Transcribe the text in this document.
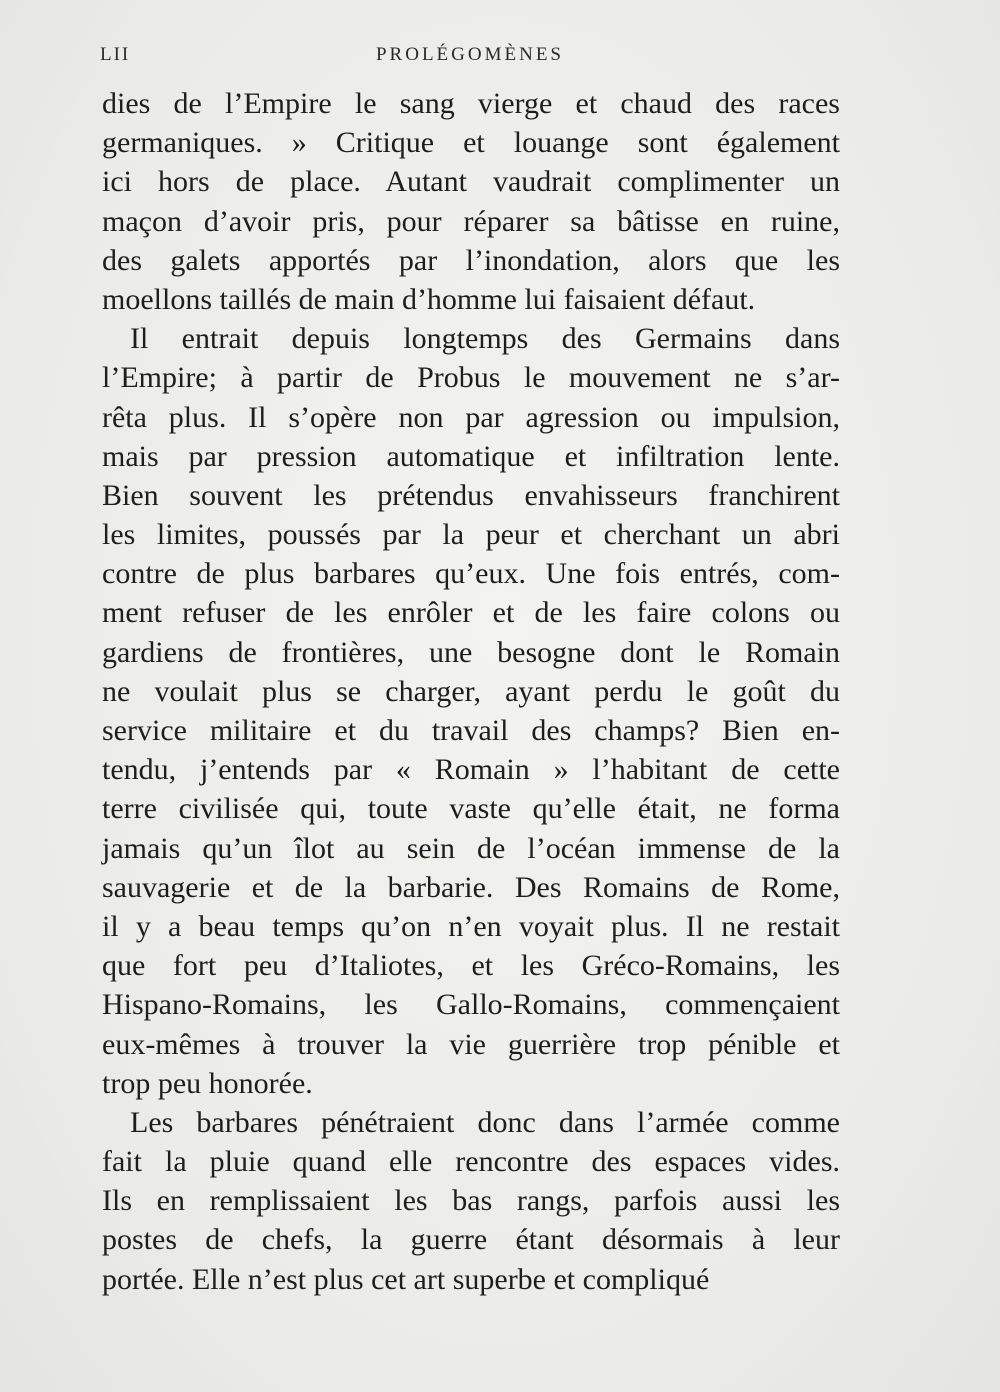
LII	PROLÉGOMÈNES
dies de l’Empire le sang vierge et chaud des races
germaniques. » Critique et louange sont également
ici hors de place. Autant vaudrait complimenter un
maçon d’avoir pris, pour réparer sa bâtisse en ruine,
des galets apportés par l’inondation, alors que les
moellons taillés de main d’homme lui faisaient défaut.
Il entrait depuis longtemps des Germains dans
l’Empire; à partir de Probus le mouvement ne s’ar-
rêta plus. Il s’opère non par agression ou impulsion,
mais par pression automatique et infiltration lente.
Bien souvent les prétendus envahisseurs franchirent
les limites, poussés par la peur et cherchant un abri
contre de plus barbares qu’eux. Une fois entrés, com-
ment refuser de les enrôler et de les faire colons ou
gardiens de frontières, une besogne dont le Romain
ne voulait plus se charger, ayant perdu le goût du
service militaire et du travail des champs? Bien en-
tendu, j’entends par « Romain » l’habitant de cette
terre civilisée qui, toute vaste qu’elle était, ne forma
jamais qu’un îlot au sein de l’océan immense de la
sauvagerie et de la barbarie. Des Romains de Rome,
il y a beau temps qu’on n’en voyait plus. Il ne restait
que fort peu d’Italiotes, et les Gréco-Romains, les
Hispano-Romains, les Gallo-Romains, commençaient
eux-mêmes à trouver la vie guerrière trop pénible et
trop peu honorée.
Les barbares pénétraient donc dans l’armée comme
fait la pluie quand elle rencontre des espaces vides.
Ils en remplissaient les bas rangs, parfois aussi les
postes de chefs, la guerre étant désormais à leur
portée. Elle n’est plus cet art superbe et compliqué
